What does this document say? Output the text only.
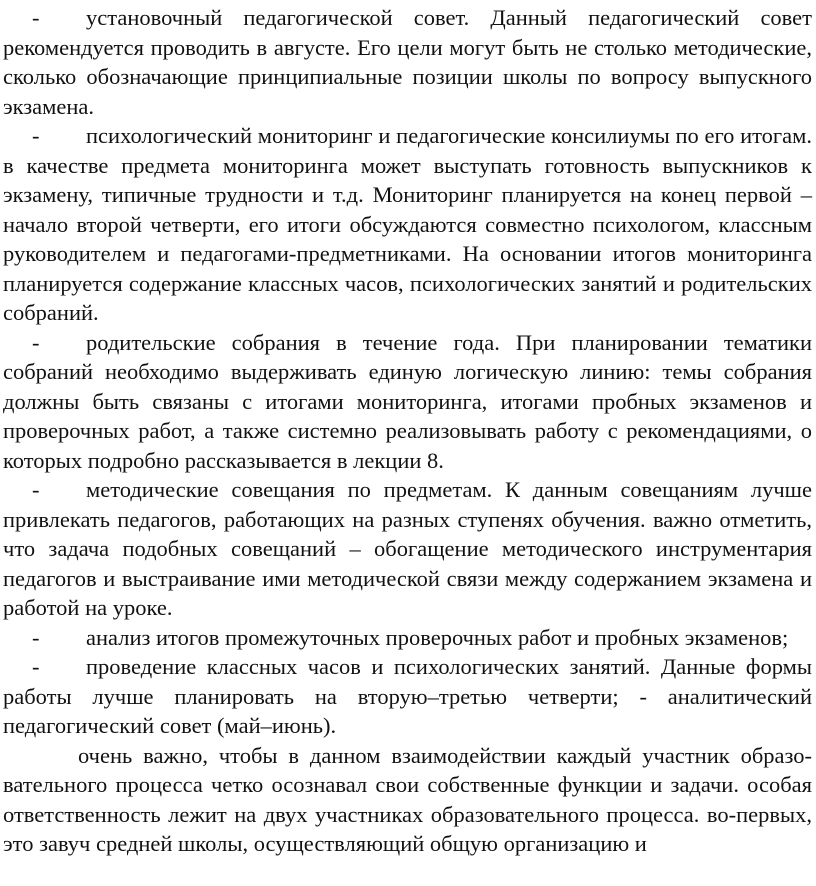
- установочный педагогической совет. Данный педагогический совет рекомендуется проводить в августе. Его цели могут быть не столько методические, сколько обозначающие принципиальные позиции школы по вопросу выпускного экзамена.

- психологический мониторинг и педагогические консилиумы по его итогам. в качестве предмета мониторинга может выступать готовность выпускников к экзамену, типичные трудности и т.д. Мониторинг планируется на конец первой – начало второй четверти, его итоги обсуждаются совместно психологом, классным руководителем и педагогами-предметниками. На основании итогов мониторинга планируется содержание классных часов, психологических занятий и родительских собраний.

- родительские собрания в течение года. При планировании тематики собраний необходимо выдерживать единую логическую линию: темы собрания должны быть связаны с итогами мониторинга, итогами пробных экзаменов и проверочных работ, а также системно реализовывать работу с рекомендациями, о которых подробно рассказывается в лекции 8.

- методические совещания по предметам. К данным совещаниям лучше привлекать педагогов, работающих на разных ступенях обучения. важно отметить, что задача подобных совещаний – обогащение методического инструментария педагогов и выстраивание ими методической связи между содержанием экзамена и работой на уроке.

- анализ итогов промежуточных проверочных работ и пробных экзаменов;

- проведение классных часов и психологических занятий. Данные формы работы лучше планировать на вторую–третью четверти; - аналитический педагогический совет (май–июнь).

очень важно, чтобы в данном взаимодействии каждый участник образо-вательного процесса четко осознавал свои собственные функции и задачи. особая ответственность лежит на двух участниках образовательного процесса. во-первых, это завуч средней школы, осуществляющий общую организацию и
